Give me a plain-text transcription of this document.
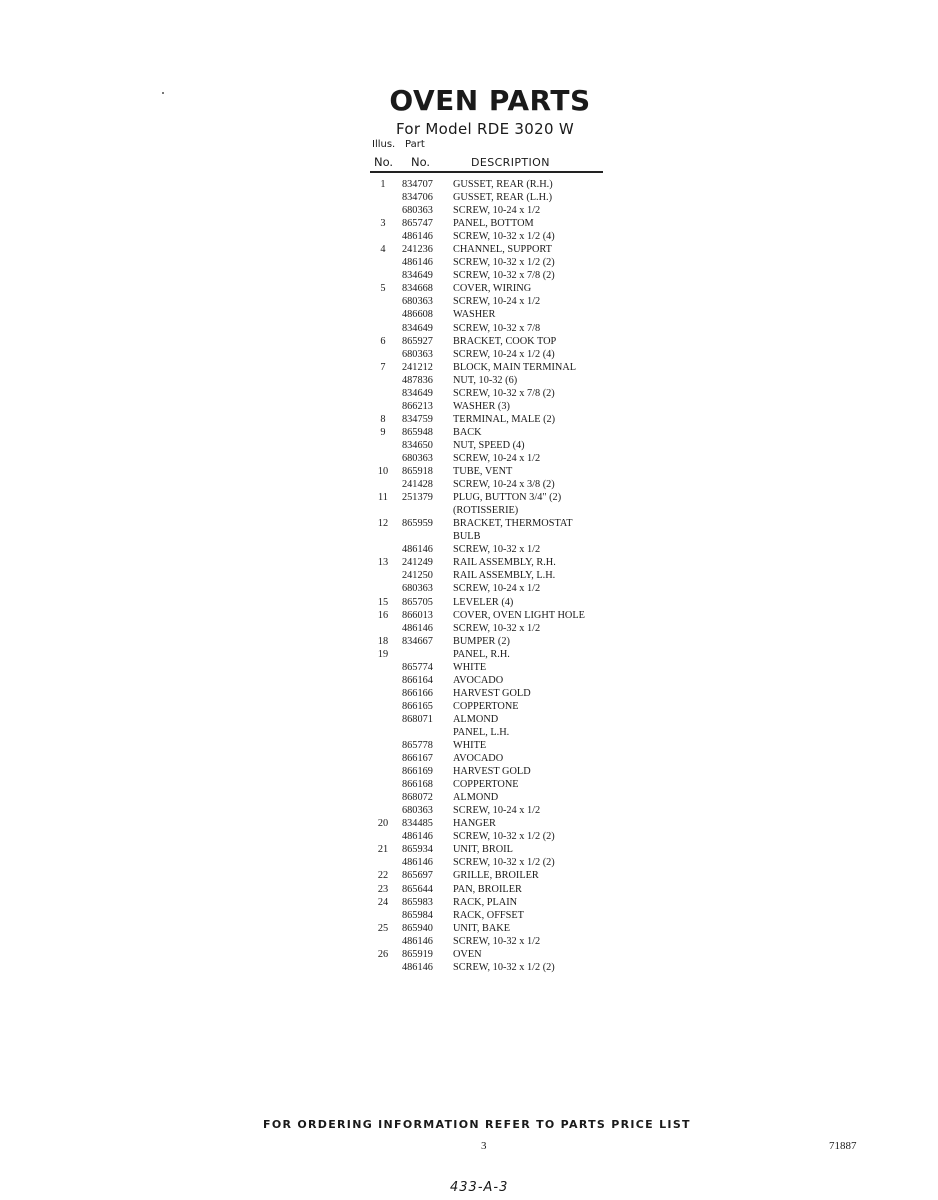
OVEN PARTS
For Model RDE 3020 W
Illus. Part
No. No.	DESCRIPTION
1	834707 GUSSET, REAR (R.H.)
834706 GUSSET, REAR (L.H.)
680363 SCREW, 10-24 x 1/2
3	865747 PANEL, BOTTOM
486146 SCREW, 10-32 x 1/2 (4)
4	241236 CHANNEL, SUPPORT
486146 SCREW, 10-32 x 1/2 (2)
834649 SCREW, 10-32 x 7/8 (2)
5	834668 COVER, WIRING
680363 SCREW, 10-24 x 1/2
486608 WASHER
834649 SCREW, 10-32 x 7/8
6	865927 BRACKET, COOK TOP
680363 SCREW, 10-24 x 1/2 (4)
7	241212 BLOCK, MAIN TERMINAL
487836 NUT, 10-32 (6)
834649 SCREW, 10-32 x 7/8 (2)
866213 WASHER (3)
8	834759 TERMINAL, MALE (2)
9	865948 BACK
834650 NUT, SPEED (4)
680363 SCREW, 10-24 x 1/2
10	865918 TUBE, VENT
241428 SCREW, 10-24 x 3/8 (2)
11	251379 PLUG, BUTTON 3/4" (2)
(ROTISSERIE)
12	865959 BRACKET, THERMOSTAT
BULB
486146 SCREW, 10-32 x 1/2
13	241249 RAIL ASSEMBLY, R.H.
241250 RAIL ASSEMBLY, L.H.
680363 SCREW, 10-24 x 1/2
15	865705 LEVELER (4)
16	866013 COVER, OVEN LIGHT HOLE
486146 SCREW, 10-32 x 1/2
18	834667 BUMPER (2)
19	PANEL, R.H.
865774 WHITE
866164 AVOCADO
866166 HARVEST GOLD
866165 COPPERTONE
868071 ALMOND
PANEL, L.H.
865778 WHITE
866167 AVOCADO
866169 HARVEST GOLD
866168 COPPERTONE
868072 ALMOND
680363 SCREW, 10-24 x 1/2
20	834485 HANGER
486146 SCREW, 10-32 x 1/2 (2)
21	865934 UNIT, BROIL
486146 SCREW, 10-32 x 1/2 (2)
22	865697 GRILLE, BROILER
23	865644 PAN, BROILER
24	865983 RACK, PLAIN
865984 RACK, OFFSET
25	865940 UNIT, BAKE
486146 SCREW, 10-32 x 1/2
26	865919 OVEN
486146 SCREW, 10-32 x 1/2 (2)
FOR ORDERING INFORMATION REFER TO PARTS PRICE LIST
3	71887
433-A-3
